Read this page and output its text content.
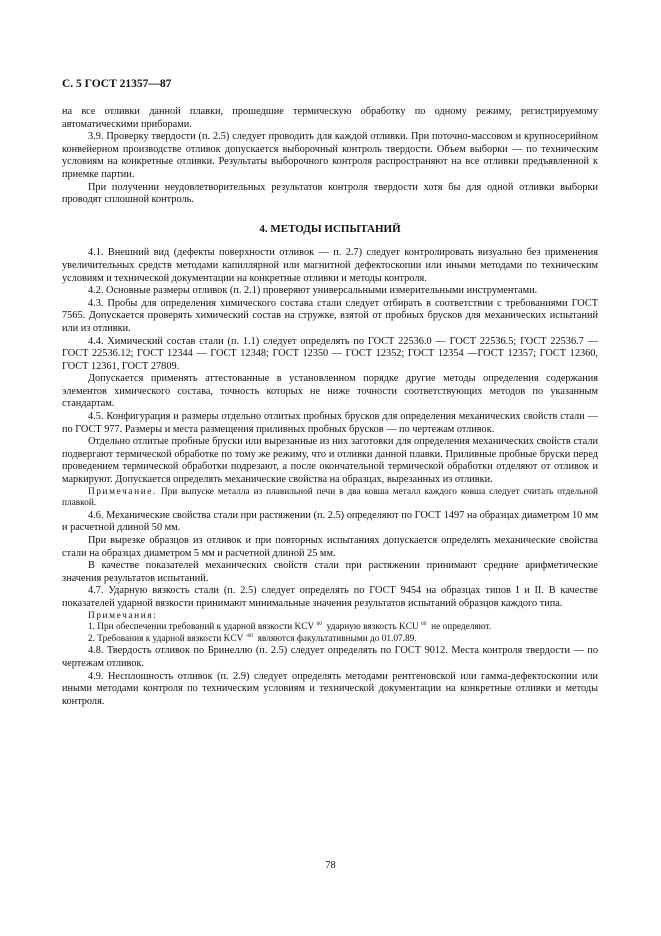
С. 5 ГОСТ 21357—87

на все отливки данной плавки, прошедшие термическую обработку по одному режиму, регистрируемому автоматическими приборами.

3.9. Проверку твердости (п. 2.5) следует проводить для каждой отливки. При поточно-массовом и крупносерийном конвейерном производстве отливок допускается выборочный контроль твердости. Объем выборки — по техническим условиям на конкретные отливки. Результаты выборочного контроля распространяют на все отливки предъявленной к приемке партии.

При получении неудовлетворительных результатов контроля твердости хотя бы для одной отливки выборки проводят сплошной контроль.

4. МЕТОДЫ ИСПЫТАНИЙ

4.1. Внешний вид (дефекты поверхности отливок — п. 2.7) следует контролировать визуально без применения увеличительных средств методами капиллярной или магнитной дефектоскопии или иными методами по техническим условиям и технической документации на конкретные отливки и методы контроля.

4.2. Основные размеры отливок (п. 2.1) проверяют универсальными измерительными инструментами.

4.3. Пробы для определения химического состава стали следует отбирать в соответствии с требованиями ГОСТ 7565. Допускается проверять химический состав на стружке, взятой от пробных брусков для механических испытаний или из отливки.

4.4. Химический состав стали (п. 1.1) следует определять по ГОСТ 22536.0 — ГОСТ 22536.5; ГОСТ 22536.7 — ГОСТ 22536.12; ГОСТ 12344 — ГОСТ 12348; ГОСТ 12350 — ГОСТ 12352; ГОСТ 12354 —ГОСТ 12357; ГОСТ 12360, ГОСТ 12361, ГОСТ 27809.

Допускается применять аттестованные в установленном порядке другие методы определения содержания элементов химического состава, точность которых не ниже точности соответствующих методов по указанным стандартам.

4.5. Конфигурация и размеры отдельно отлитых пробных брусков для определения механических свойств стали — по ГОСТ 977. Размеры и места размещения приливных пробных брусков — по чертежам отливок.

Отдельно отлитые пробные бруски или вырезанные из них заготовки для определения механических свойств стали подвергают термической обработке по тому же режиму, что и отливки данной плавки. Приливные пробные бруски перед проведением термической обработки подрезают, а после окончательной термической обработки отделяют от отливок и маркируют. Допускается определять механические свойства на образцах, вырезанных из отливки.

Примечание. При выпуске металла из плавильной печи в два ковша металл каждого ковша следует считать отдельной плавкой.

4.6. Механические свойства стали при растяжении (п. 2.5) определяют по ГОСТ 1497 на образцах диаметром 10 мм и расчетной длиной 50 мм.

При вырезке образцов из отливок и при повторных испытаниях допускается определять механические свойства стали на образцах диаметром 5 мм и расчетной длиной 25 мм.

В качестве показателей механических свойств стали при растяжении принимают средние арифметические значения результатов испытаний.

4.7. Ударную вязкость стали (п. 2.5) следует определять по ГОСТ 9454 на образцах типов I и II. В качестве показателей ударной вязкости принимают минимальные значения результатов испытаний образцов каждого типа.

Примечания:

1. При обеспечении требований к ударной вязкости KCV $^{60}$ ударную вязкость KCU $^{60}$ не определяют.

2. Требования к ударной вязкости KCV $^{-60}$ являются факультативными до 01.07.89.

4.8. Твердость отливок по Бринеллю (п. 2.5) следует определять по ГОСТ 9012. Места контроля твердости — по чертежам отливок.

4.9. Несплошность отливок (п. 2.9) следует определять методами рентгеновской или гамма-дефектоскопии или иными методами контроля по техническим условиям и технической документации на конкретные отливки и методы контроля.

78
